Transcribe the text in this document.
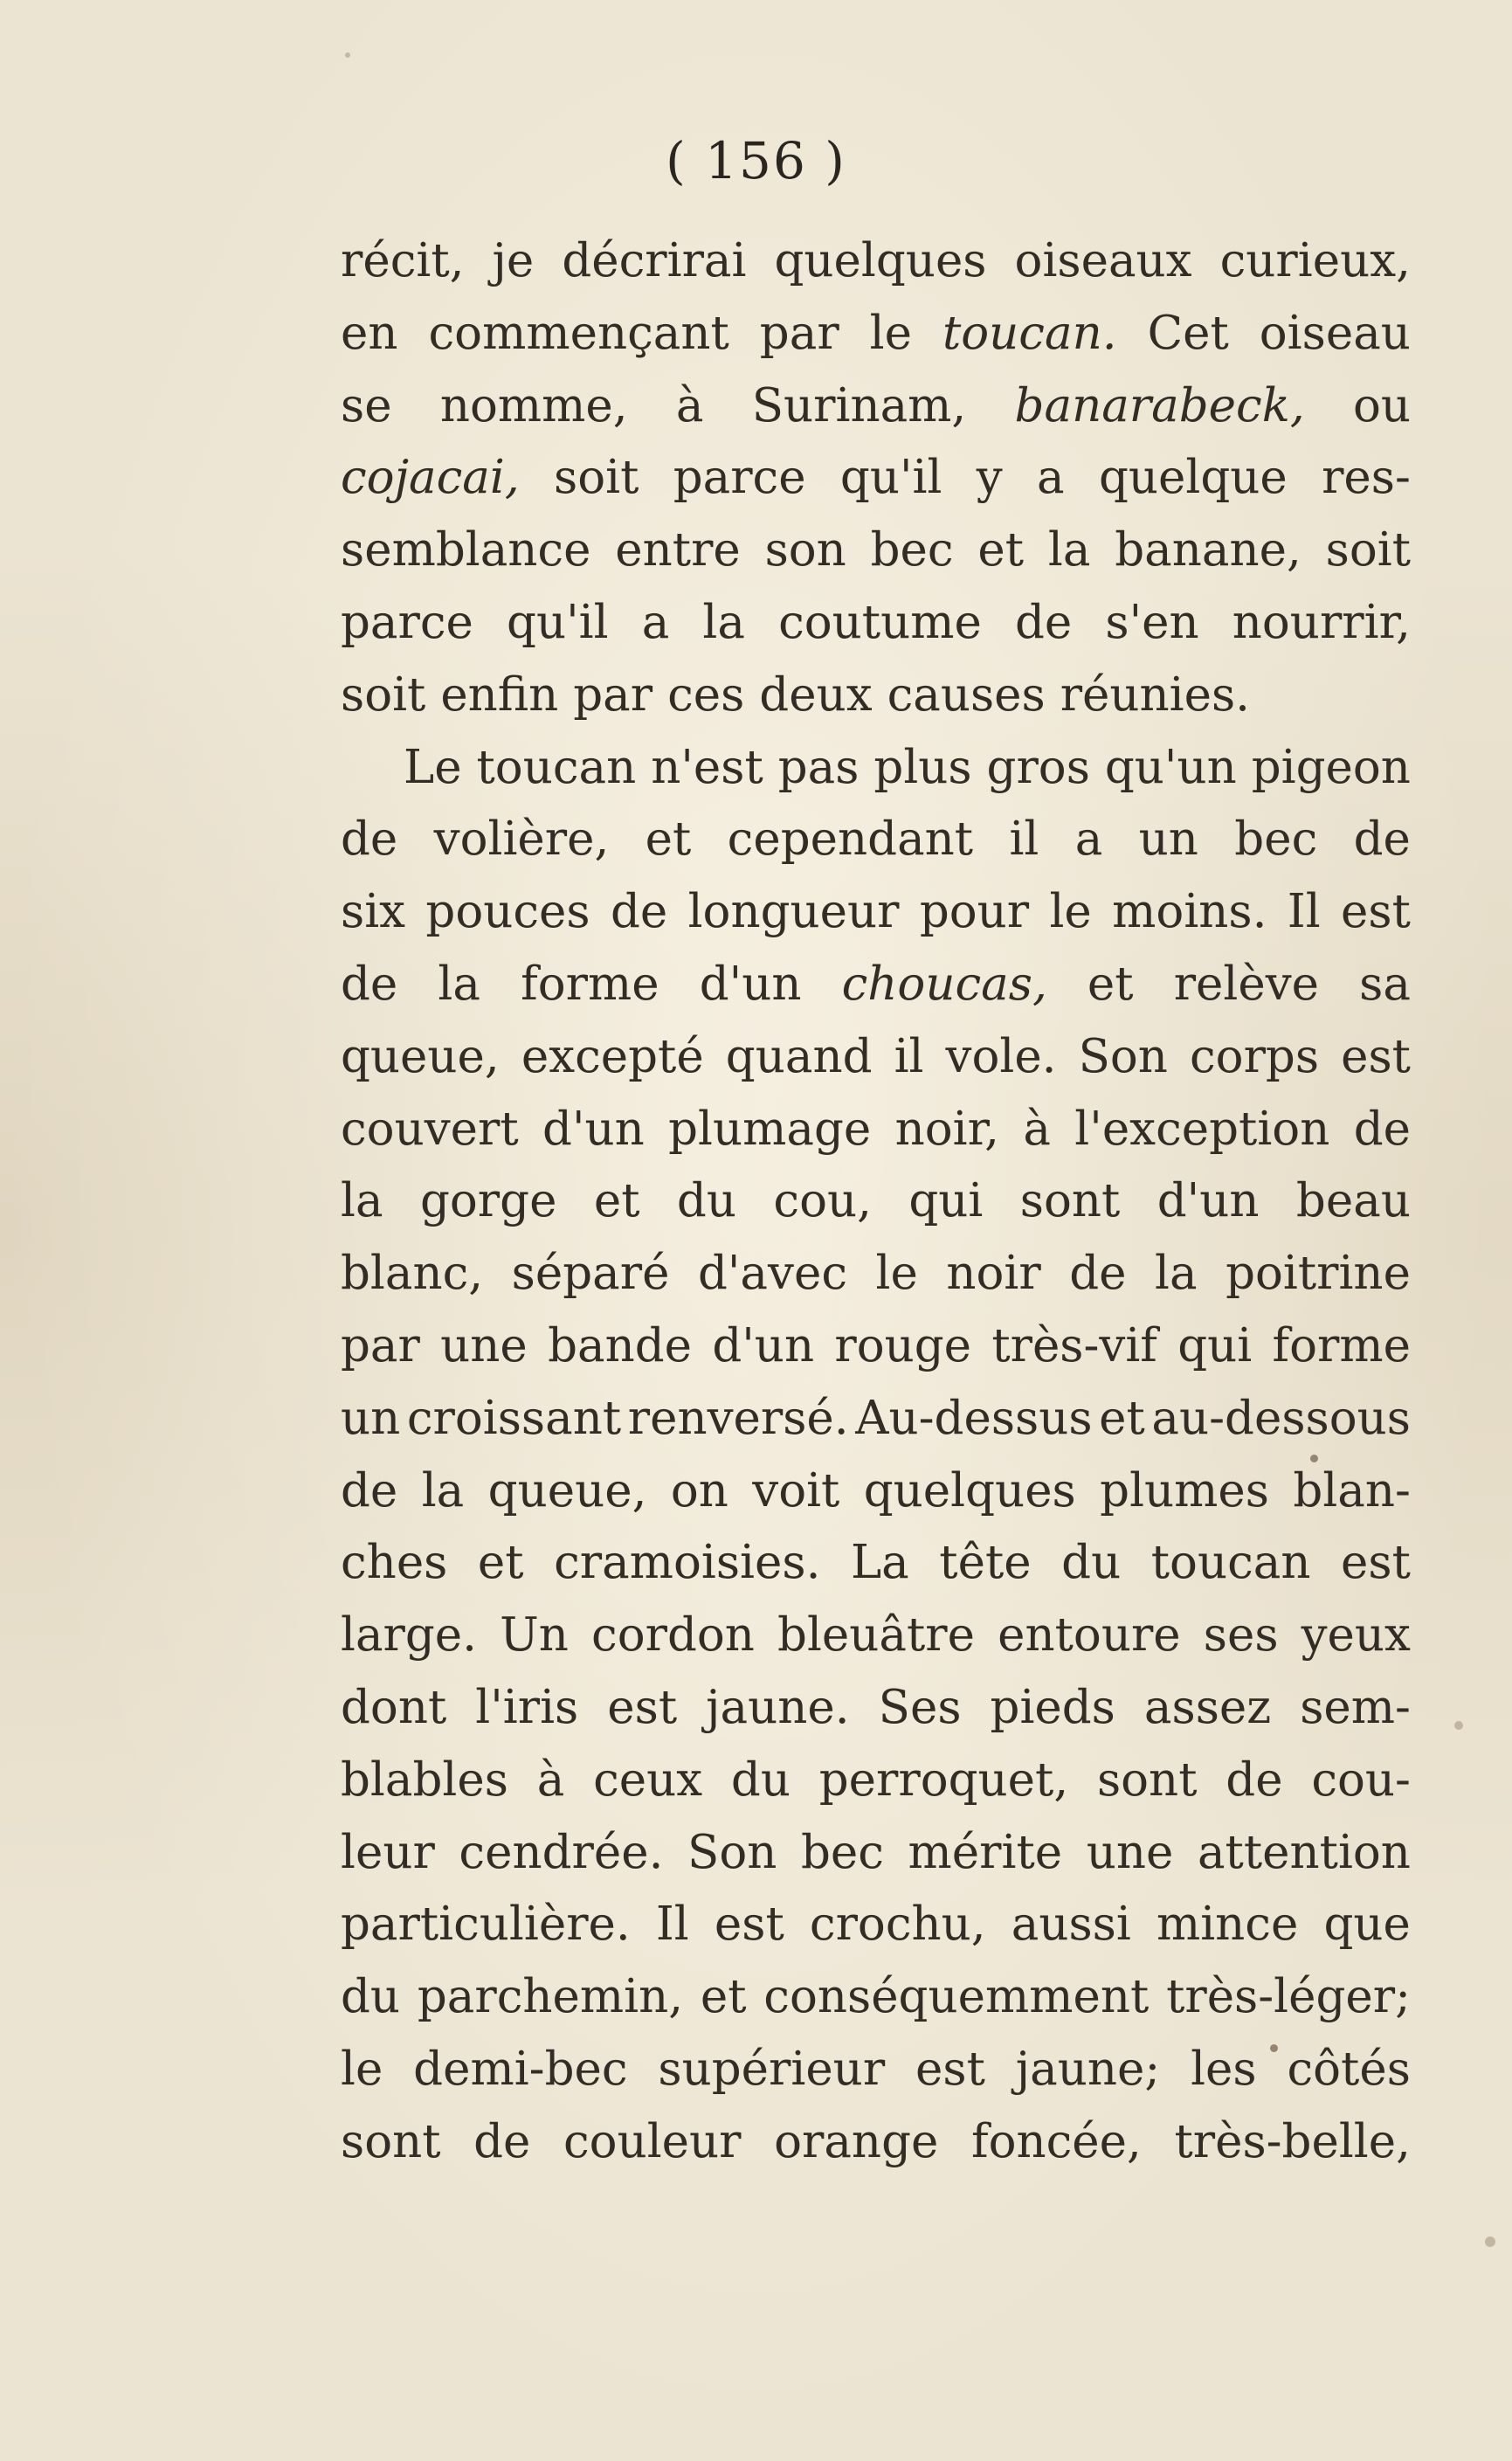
( 156 )

récit, je décrirai quelques oiseaux curieux,
en commençant par le toucan. Cet oiseau
se nomme, à Surinam, banarabeck, ou
cojacai, soit parce qu'il y a quelque res-
semblance entre son bec et la banane, soit
parce qu'il a la coutume de s'en nourrir,
soit enfin par ces deux causes réunies.
Le toucan n'est pas plus gros qu'un pigeon
de volière, et cependant il a un bec de
six pouces de longueur pour le moins. Il est
de la forme d'un choucas, et relève sa
queue, excepté quand il vole. Son corps est
couvert d'un plumage noir, à l'exception de
la gorge et du cou, qui sont d'un beau
blanc, séparé d'avec le noir de la poitrine
par une bande d'un rouge très-vif qui forme
un croissant renversé. Au-dessus et au-dessous
de la queue, on voit quelques plumes blan-
ches et cramoisies. La tête du toucan est
large. Un cordon bleuâtre entoure ses yeux
dont l'iris est jaune. Ses pieds assez sem-
blables à ceux du perroquet, sont de cou-
leur cendrée. Son bec mérite une attention
particulière. Il est crochu, aussi mince que
du parchemin, et conséquemment très-léger;
le demi-bec supérieur est jaune; les côtés
sont de couleur orange foncée, très-belle,
